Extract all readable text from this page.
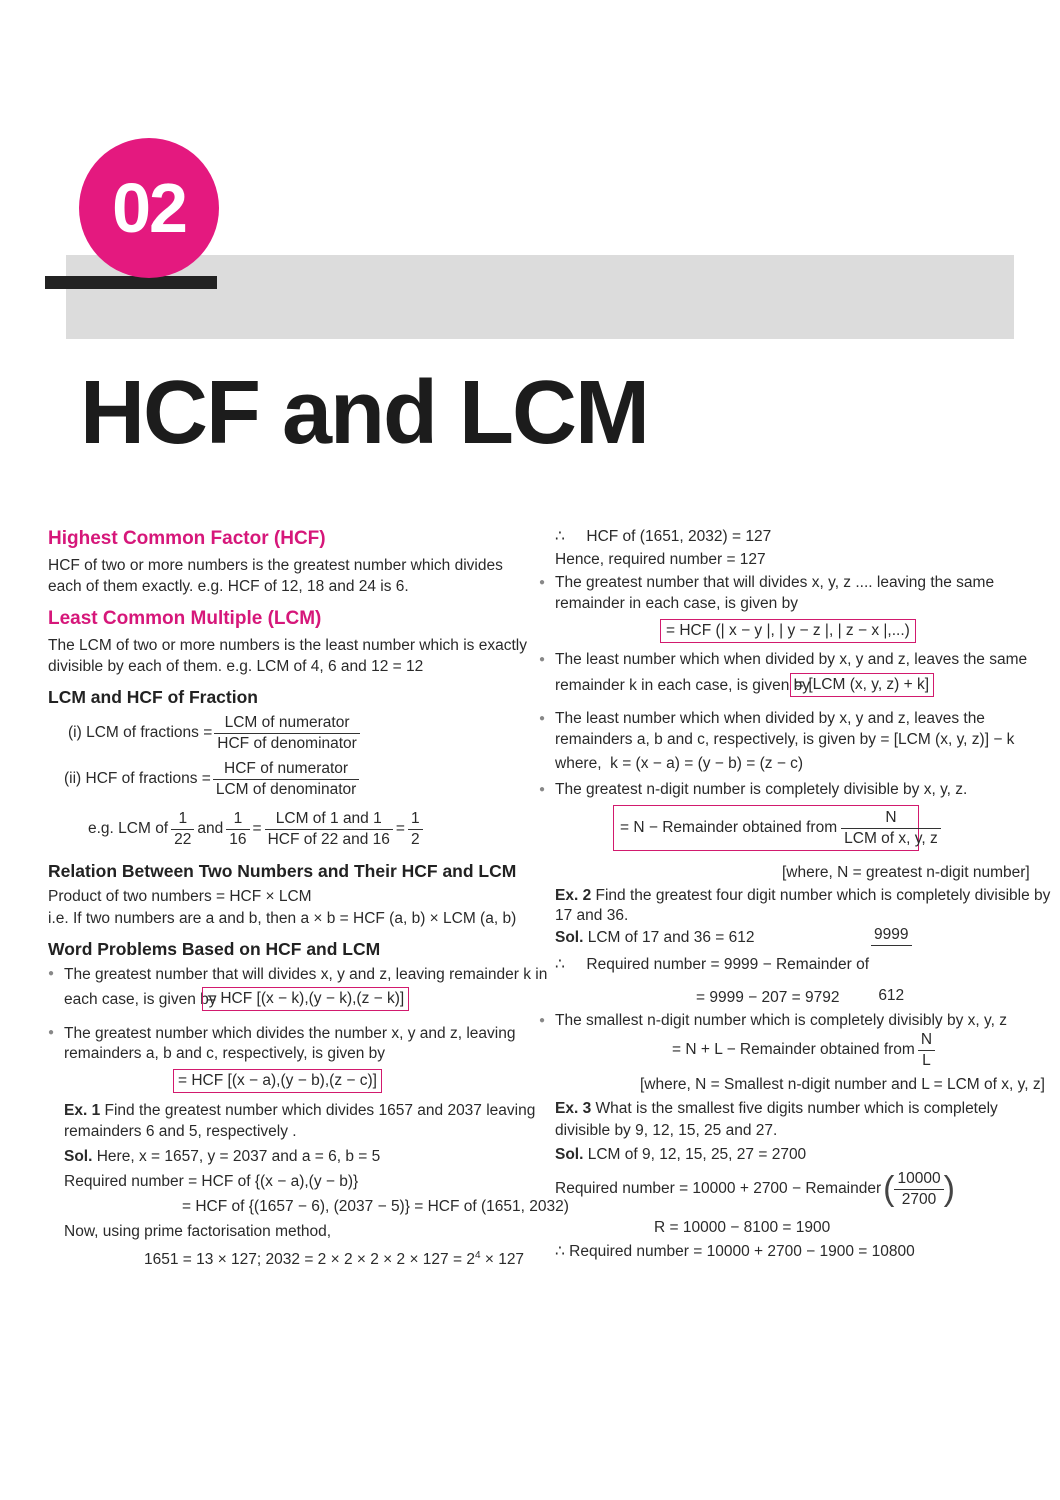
02
HCF and LCM
Highest Common Factor (HCF)
HCF of two or more numbers is the greatest number which divides
each of them exactly. e.g. HCF of 12, 18 and 24 is 6.
Least Common Multiple (LCM)
The LCM of two or more numbers is the least number which is exactly
divisible by each of them. e.g. LCM of 4, 6 and 12 = 12
LCM and HCF of Fraction
(i) LCM of fractions = $\frac{\text{LCM of numerator}}{\text{HCF of denominator}}$
(ii) HCF of fractions = $\frac{\text{HCF of numerator}}{\text{LCM of denominator}}$
e.g. LCM of $\frac{1}{22}$ and $\frac{1}{16} = \frac{\text{LCM of 1 and 1}}{\text{HCF of 22 and 16}} = \frac{1}{2}$
Relation Between Two Numbers and Their HCF and LCM
Product of two numbers = HCF × LCM
i.e. If two numbers are a and b, then a × b = HCF (a, b) × LCM (a, b)
Word Problems Based on HCF and LCM
● The greatest number that will divides x, y and z, leaving remainder k in
each case, is given by
= HCF [(x − k),(y − k),(z − k)]
● The greatest number which divides the number x, y and z, leaving
remainders a, b and c, respectively, is given by
= HCF [(x − a),(y − b),(z − c)]
Ex. 1 Find the greatest number which divides 1657 and 2037 leaving
remainders 6 and 5, respectively .
Sol. Here, x = 1657, y = 2037 and a = 6, b = 5
Required number = HCF of {(x − a),(y − b)}
= HCF of {(1657 − 6), (2037 − 5)} = HCF of (1651, 2032)
Now, using prime factorisation method,
1651 = 13 × 127; $2032 = 2 \times 2 \times 2 \times 2 \times 127 = 2^4 \times 127$
∴     HCF of (1651, 2032) = 127
Hence, required number = 127
● The greatest number that will divides x, y, z .... leaving the same
remainder in each case, is given by
= HCF (| x − y |, | y − z |, | z − x |,...)
● The least number which when divided by x, y and z, leaves the same
remainder k in each case, is given by
= [LCM (x, y, z) + k]
● The least number which when divided by x, y and z, leaves the
remainders a, b and c, respectively, is given by = [LCM (x, y, z)] − k
where,  k = (x − a) = (y − b) = (z − c)
● The greatest n-digit number is completely divisible by x, y, z.
= N − Remainder obtained from $\frac{N}{\text{LCM of x, y, z}}$
[where, N = greatest n-digit number]
Ex. 2 Find the greatest four digit number which is completely divisible by
17 and 36.
Sol. LCM of 17 and 36 = 612
∴     Required number = 9999 − Remainder of

$\frac{9999}{612}$

= 9999 − 207 = 9792
● The smallest n-digit number which is completely divisibly by x, y, z
= N + L − Remainder obtained from $\frac{N}{L}$
[where, N = Smallest n-digit number and L = LCM of x, y, z]
Ex. 3 What is the smallest five digits number which is completely
divisible by 9, 12, 15, 25 and 27.
Sol. LCM of 9, 12, 15, 25, 27 = 2700
Required number = 10000 + 2700 − Remainder ( $\frac{10000}{2700}$ )
R = 10000 − 8100 = 1900
∴ Required number = 10000 + 2700 − 1900 = 10800
